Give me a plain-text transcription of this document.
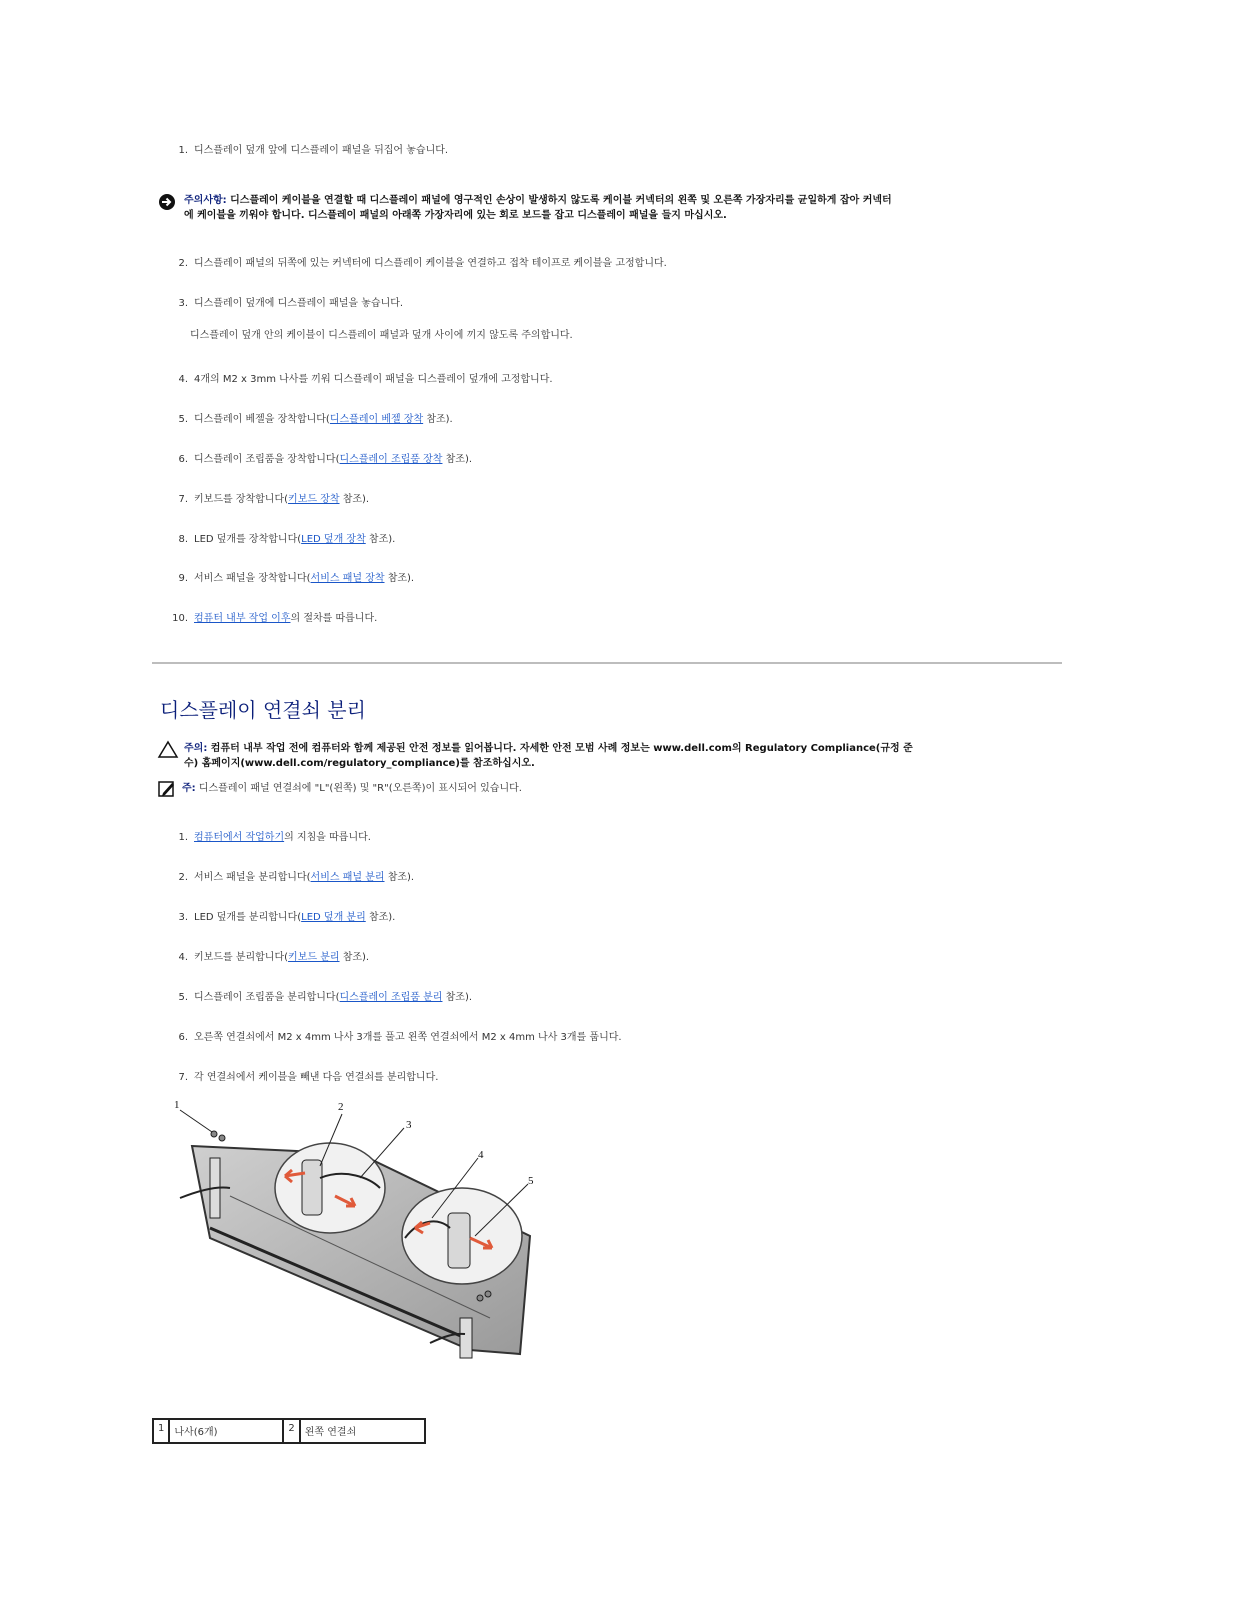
1. 디스플레이 덮개 앞에 디스플레이 패널을 뒤집어 놓습니다.
주의사항: 디스플레이 케이블을 연결할 때 디스플레이 패널에 영구적인 손상이 발생하지 않도록 케이블 커넥터의 왼쪽 및 오른쪽 가장자리를 균일하게 잡아 커넥터
에 케이블을 끼워야 합니다. 디스플레이 패널의 아래쪽 가장자리에 있는 회로 보드를 잡고 디스플레이 패널을 들지 마십시오.
2. 디스플레이 패널의 뒤쪽에 있는 커넥터에 디스플레이 케이블을 연결하고 접착 테이프로 케이블을 고정합니다.
3. 디스플레이 덮개에 디스플레이 패널을 놓습니다.
디스플레이 덮개 안의 케이블이 디스플레이 패널과 덮개 사이에 끼지 않도록 주의합니다.
4. 4개의 M2 x 3mm 나사를 끼워 디스플레이 패널을 디스플레이 덮개에 고정합니다.
5. 디스플레이 베젤을 장착합니다(디스플레이 베젤 장착 참조).
6. 디스플레이 조립품을 장착합니다(디스플레이 조립품 장착 참조).
7. 키보드를 장착합니다(키보드 장착 참조).
8. LED 덮개를 장착합니다(LED 덮개 장착 참조).
9. 서비스 패널을 장착합니다(서비스 패널 장착 참조).
10. 컴퓨터 내부 작업 이후의 절차를 따릅니다.
디스플레이 연결쇠 분리
주의: 컴퓨터 내부 작업 전에 컴퓨터와 함께 제공된 안전 정보를 읽어봅니다. 자세한 안전 모범 사례 정보는 www.dell.com의 Regulatory Compliance(규정 준
수) 홈페이지(www.dell.com/regulatory_compliance)를 참조하십시오.
주: 디스플레이 패널 연결쇠에 "L"(왼쪽) 및 "R"(오른쪽)이 표시되어 있습니다.
1. 컴퓨터에서 작업하기의 지침을 따릅니다.
2. 서비스 패널을 분리합니다(서비스 패널 분리 참조).
3. LED 덮개를 분리합니다(LED 덮개 분리 참조).
4. 키보드를 분리합니다(키보드 분리 참조).
5. 디스플레이 조립품을 분리합니다(디스플레이 조립품 분리 참조).
6. 오른쪽 연결쇠에서 M2 x 4mm 나사 3개를 풀고 왼쪽 연결쇠에서 M2 x 4mm 나사 3개를 풉니다.
7. 각 연결쇠에서 케이블을 빼낸 다음 연결쇠를 분리합니다.
1	2
3
4
5
1	나사(6개)	2	왼쪽 연결쇠
